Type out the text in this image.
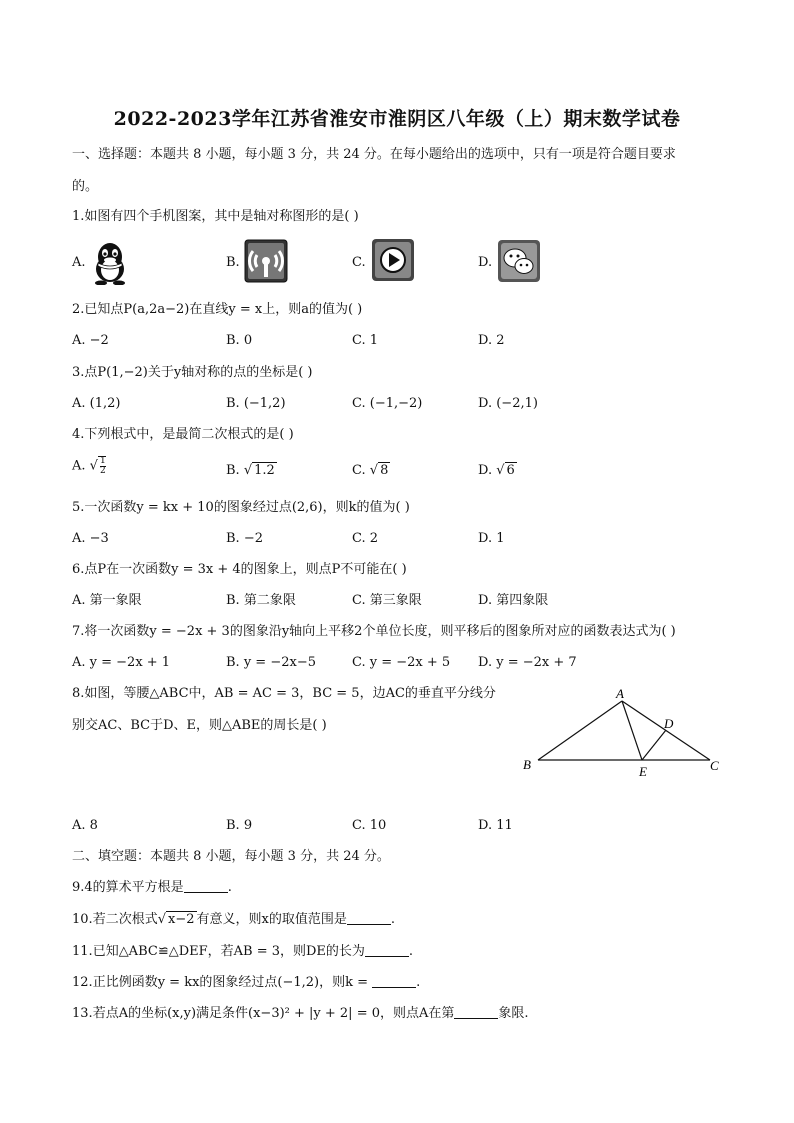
2022-2023学年江苏省淮安市淮阴区八年级（上）期末数学试卷
一、选择题：本题共 8 小题，每小题 3 分，共 24 分。在每小题给出的选项中，只有一项是符合题目要求
的。
1.如图有四个手机图案，其中是轴对称图形的是( )
A.	B.	C.	D.
2.已知点P(a,2a−2)在直线y = x上，则a的值为( )
A. −2	B. 0	C. 1	D. 2
3.点P(1,−2)关于y轴对称的点的坐标是( )
A. (1,2)	B. (−1,2)	C. (−1,−2)	D. (−2,1)
4.下列根式中，是最简二次根式的是( )
A. √ $\frac{1}{2}$	B. √ 1.2	C. √ 8	D. √ 6
5.一次函数y = kx + 10的图象经过点(2,6)，则k的值为( )
A. −3	B. −2	C. 2	D. 1
6.点P在一次函数y = 3x + 4的图象上，则点P不可能在( )
A. 第一象限	B. 第二象限	C. 第三象限	D. 第四象限
7.将一次函数y = −2x + 3的图象沿y轴向上平移2个单位长度，则平移后的图象所对应的函数表达式为( )
A. y = −2x + 1	B. y = −2x−5	C. y = −2x + 5 D. y = −2x + 7
8.如图，等腰△ABC中，AB = AC = 3，BC = 5，边AC的垂直平分线分
别交AC、BC于D、E，则△ABE的周长是( )
A
B	C
D
E
A. 8	B. 9	C. 10	D. 11
二、填空题：本题共 8 小题，每小题 3 分，共 24 分。
9.4的算术平方根是	.
10.若二次根式√ x−2 有意义，则x的取值范围是	.
11.已知△ABC≌△DEF，若AB = 3，则DE的长为	.
12.正比例函数y = kx的图象经过点(−1,2)，则k =	.
13.若点A的坐标(x,y)满足条件(x−3)² + |y + 2| = 0，则点A在第	象限.
